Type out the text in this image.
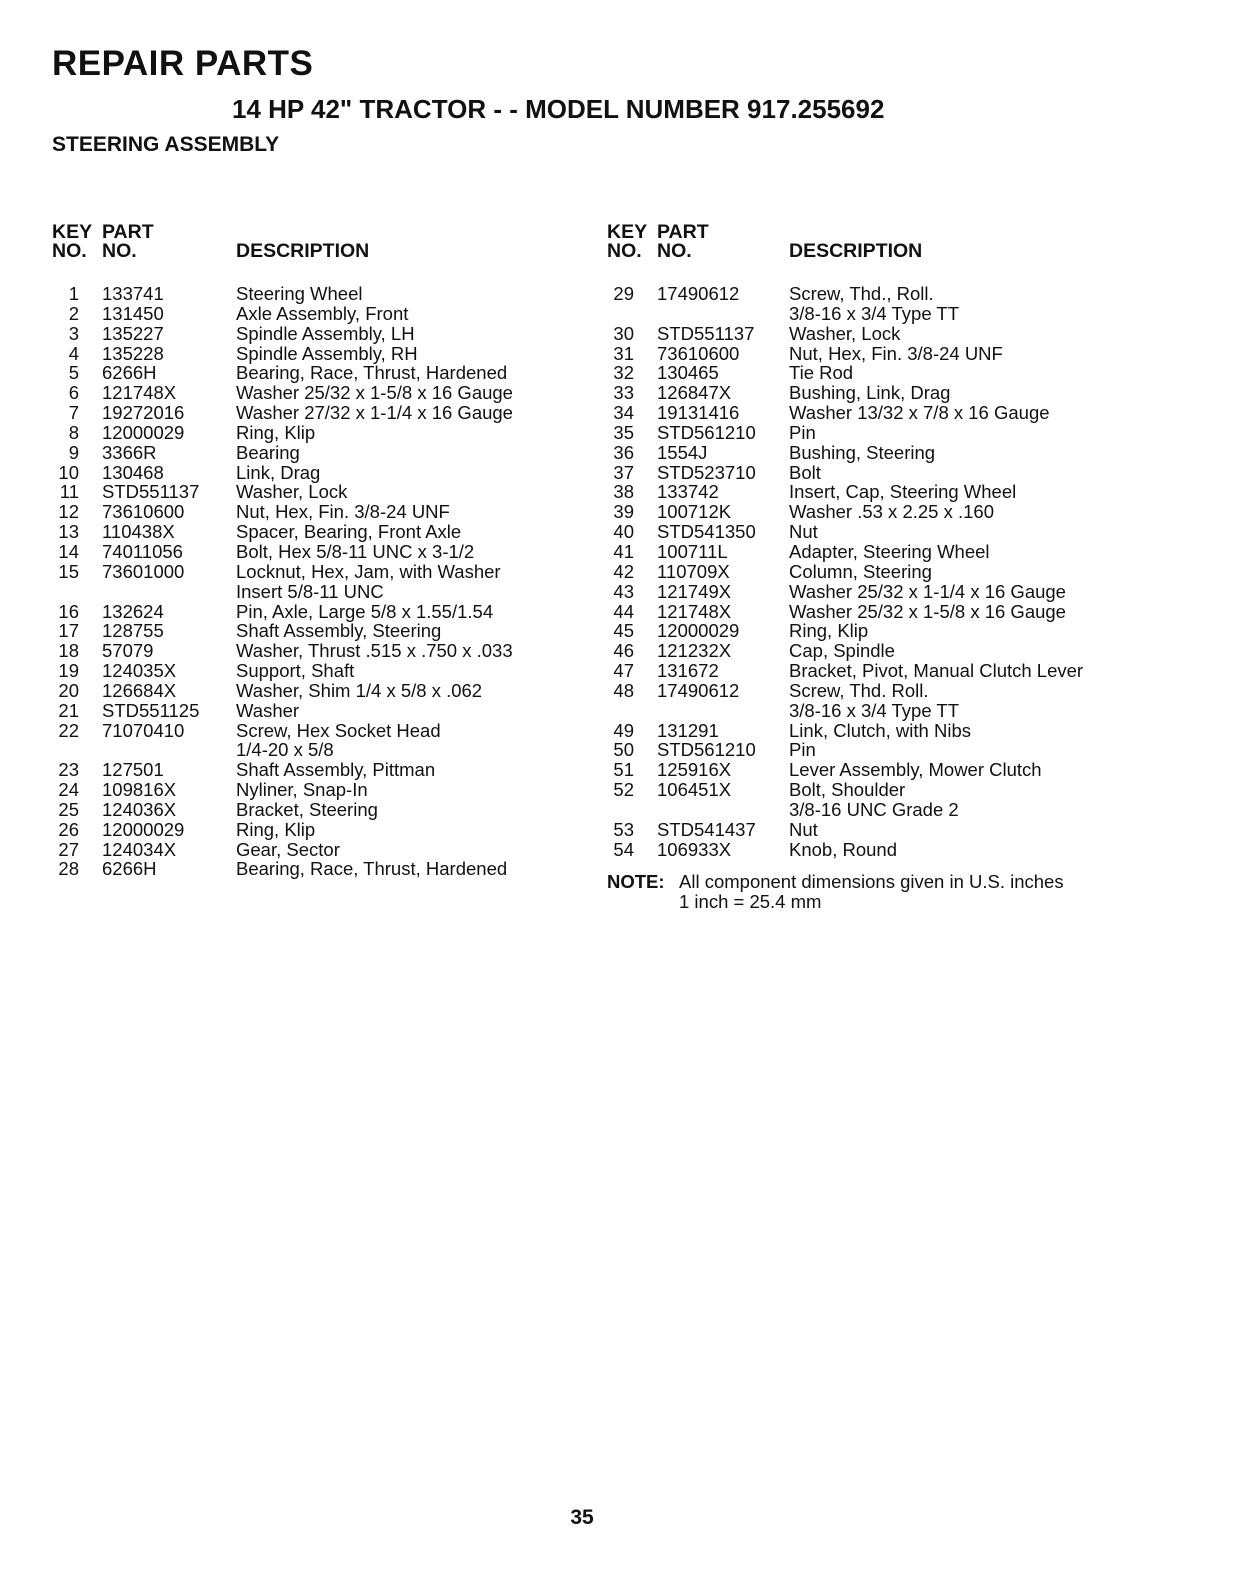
REPAIR PARTS
14 HP 42" TRACTOR - - MODEL NUMBER 917.255692
STEERING ASSEMBLY
KEY
NO.
PART
NO.	DESCRIPTION
1 133741	Steering Wheel
2 131450	Axle Assembly, Front
3 135227	Spindle Assembly, LH
4 135228	Spindle Assembly, RH
5 6266H	Bearing, Race, Thrust, Hardened
6 121748X	Washer 25/32 x 1-5/8 x 16 Gauge
7 19272016	Washer 27/32 x 1-1/4 x 16 Gauge
8 12000029	Ring, Klip
9 3366R	Bearing
10 130468	Link, Drag
11 STD551137 Washer, Lock
12 73610600	Nut, Hex, Fin. 3/8-24 UNF
13 110438X	Spacer, Bearing, Front Axle
14 74011056	Bolt, Hex 5/8-11 UNC x 3-1/2
15 73601000	Locknut, Hex, Jam, with Washer
Insert 5/8-11 UNC
16 132624	Pin, Axle, Large 5/8 x 1.55/1.54
17 128755	Shaft Assembly, Steering
18 57079	Washer, Thrust .515 x .750 x .033
19 124035X	Support, Shaft
20 126684X	Washer, Shim 1/4 x 5/8 x .062
21 STD551125 Washer
22 71070410	Screw, Hex Socket Head
1/4-20 x 5/8
23 127501	Shaft Assembly, Pittman
24 109816X	Nyliner, Snap-In
25 124036X	Bracket, Steering
26 12000029	Ring, Klip
27 124034X	Gear, Sector
28 6266H	Bearing, Race, Thrust, Hardened
KEY
NO.
PART
NO.	DESCRIPTION
29 17490612	Screw, Thd., Roll.
3/8-16 x 3/4 Type TT
30 STD551137 Washer, Lock
31 73610600	Nut, Hex, Fin. 3/8-24 UNF
32 130465	Tie Rod
33 126847X	Bushing, Link, Drag
34 19131416	Washer 13/32 x 7/8 x 16 Gauge
35 STD561210 Pin
36 1554J	Bushing, Steering
37 STD523710 Bolt
38 133742	Insert, Cap, Steering Wheel
39 100712K	Washer .53 x 2.25 x .160
40 STD541350 Nut
41 100711L	Adapter, Steering Wheel
42 110709X	Column, Steering
43 121749X	Washer 25/32 x 1-1/4 x 16 Gauge
44 121748X	Washer 25/32 x 1-5/8 x 16 Gauge
45 12000029	Ring, Klip
46 121232X	Cap, Spindle
47 131672	Bracket, Pivot, Manual Clutch Lever
48 17490612	Screw, Thd. Roll.
3/8-16 x 3/4 Type TT
49 131291	Link, Clutch, with Nibs
50 STD561210 Pin
51 125916X	Lever Assembly, Mower Clutch
52 106451X	Bolt, Shoulder
3/8-16 UNC Grade 2
53 STD541437 Nut
54 106933X	Knob, Round
NOTE: All component dimensions given in U.S. inches
1 inch = 25.4 mm
35
